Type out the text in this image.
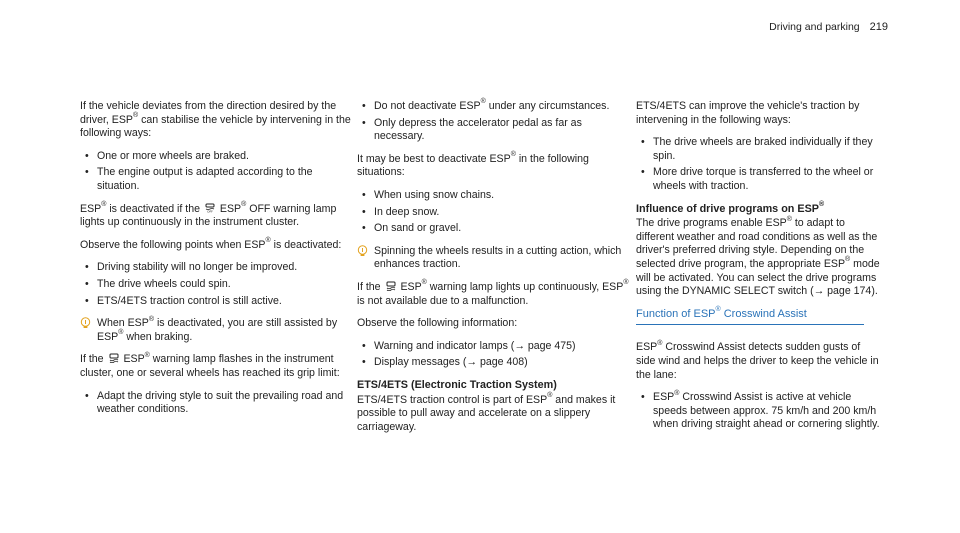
Driving and parking 219

If the vehicle deviates from the direction desired by the driver, ESP® can stabilise the vehicle by intervening in the following ways:

• One or more wheels are braked.
• The engine output is adapted according to the situation.

ESP® is deactivated if the OFF ESP® OFF warning lamp lights up continuously in the instrument cluster.

Observe the following points when ESP® is deactivated:

• Driving stability will no longer be improved.
• The drive wheels could spin.
• ETS/4ETS traction control is still active.
When ESP® is deactivated, you are still assisted by ESP® when braking.

If the
ESP® warning lamp flashes in the instrument cluster, one or several wheels has reached its grip limit:

• Adapt the driving style to suit the prevailing road and weather conditions.
• Do not deactivate ESP® under any circumstances.
• Only depress the accelerator pedal as far as necessary.

It may be best to deactivate ESP® in the following situations:

• When using snow chains.
• In deep snow.
• On sand or gravel.
Spinning the wheels results in a cutting action, which enhances traction.

If the
ESP® warning lamp lights up continuously, ESP® is not available due to a malfunction.

Observe the following information:

• Warning and indicator lamps (→ page 475)
• Display messages (→ page 408)
ETS/4ETS (Electronic Traction System)

ETS/4ETS traction control is part of ESP® and makes it possible to pull away and accelerate on a slippery carriageway.

ETS/4ETS can improve the vehicle's traction by intervening in the following ways:

• The drive wheels are braked individually if they spin.
• More drive torque is transferred to the wheel or wheels with traction.
Influence of drive programs on ESP®

The drive programs enable ESP® to adapt to different weather and road conditions as well as the driver's preferred driving style. Depending on the selected drive program, the appropriate ESP® mode will be activated. You can select the drive programs using the DYNAMIC SELECT switch (→ page 174).

Function of ESP® Crosswind Assist

ESP® Crosswind Assist detects sudden gusts of side wind and helps the driver to keep the vehicle in the lane:

• ESP® Crosswind Assist is active at vehicle speeds between approx. 75 km/h and 200 km/h when driving straight ahead or cornering slightly.
